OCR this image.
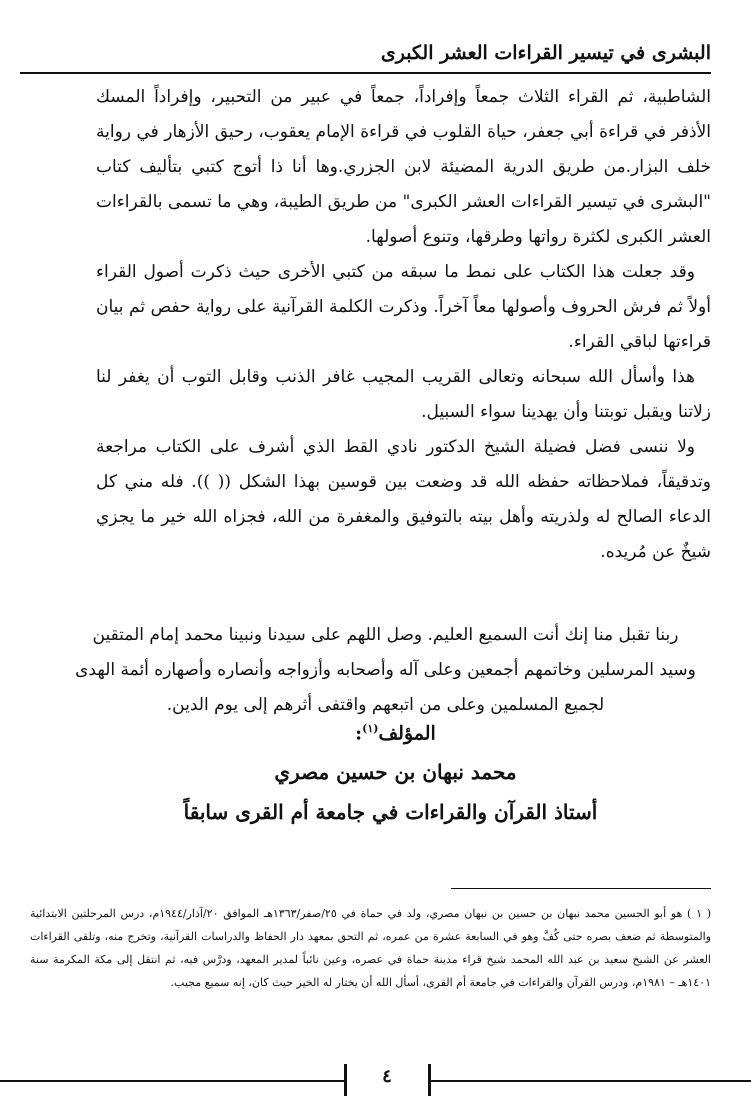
البشرى في تيسير القراءات العشر الكبرى

الشاطبية، ثم القراء الثلاث جمعاً وإفراداً، جمعاً في عبير من التحبير، وإفراداً المسك الأذفر في قراءة أبي جعفر، حياة القلوب في قراءة الإمام يعقوب، رحيق الأزهار في رواية خلف البزار.من طريق الدرية المضيئة لابن الجزري.وها أنا ذا أتوج كتبي بتأليف كتاب "البشرى في تيسير القراءات العشر الكبرى" من طريق الطيبة، وهي ما تسمى بالقراءات العشر الكبرى لكثرة رواتها وطرقها، وتنوع أصولها.

وقد جعلت هذا الكتاب على نمط ما سبقه من كتبي الأخرى حيث ذكرت أصول القراء أولاً ثم فرش الحروف وأصولها معاً آخراً. وذكرت الكلمة القرآنية على رواية حفص ثم بيان قراءتها لباقي القراء.

هذا وأسأل الله سبحانه وتعالى القريب المجيب غافر الذنب وقابل التوب أن يغفر لنا زلاتنا ويقبل توبتنا وأن يهدينا سواء السبيل.

ولا ننسى فضل فضيلة الشيخ الدكتور نادي القط الذي أشرف على الكتاب مراجعة وتدقيقاً، فملاحظاته حفظه الله قد وضعت بين قوسين بهذا الشكل (( )). فله مني كل الدعاء الصالح له ولذريته وأهل بيته بالتوفيق والمغفرة من الله، فجزاه الله خير ما يجزي شيخٌ عن مُريده.

ربنا تقبل منا إنك أنت السميع العليم. وصل اللهم على سيدنا ونبينا محمد إمام المتقين

وسيد المرسلين وخاتمهم أجمعين وعلى آله وأصحابه وأزواجه وأنصاره وأصهاره أئمة الهدى

لجميع المسلمين وعلى من اتبعهم واقتفى أثرهم إلى يوم الدين.

المؤلف$^{(١)}$:
محمد نبهان بن حسين مصري
أستاذ القرآن والقراءات في جامعة أم القرى سابقاً
( ١ ) هو أبو الحسين محمد نبهان بن حسين بن نبهان مصري، ولد في حماة في ٢٥/صفر/١٣٦٣هـ الموافق ٢٠/آذار/١٩٤٤م، درس المرحلتين الابتدائية والمتوسطة ثم ضعف بصره حتى كُفَّ وهو في السابعة عشرة من عمره، ثم التحق بمعهد دار الحفاظ والدراسات القرآنية، وتخرج منه، وتلقى القراءات العشر عن الشيخ سعيد بن عبد الله المحمد شيخ قراء مدينة حماة في عصره، وعين نائباً لمدير المعهد، ودرَّس فيه، ثم انتقل إلى مكة المكرمة سنة ١٤٠١هـ – ١٩٨١م، ودرس القرآن والقراءات في جامعة أم القرى، أسأل الله أن يختار له الخير حيث كان، إنه سميع مجيب.
٤
